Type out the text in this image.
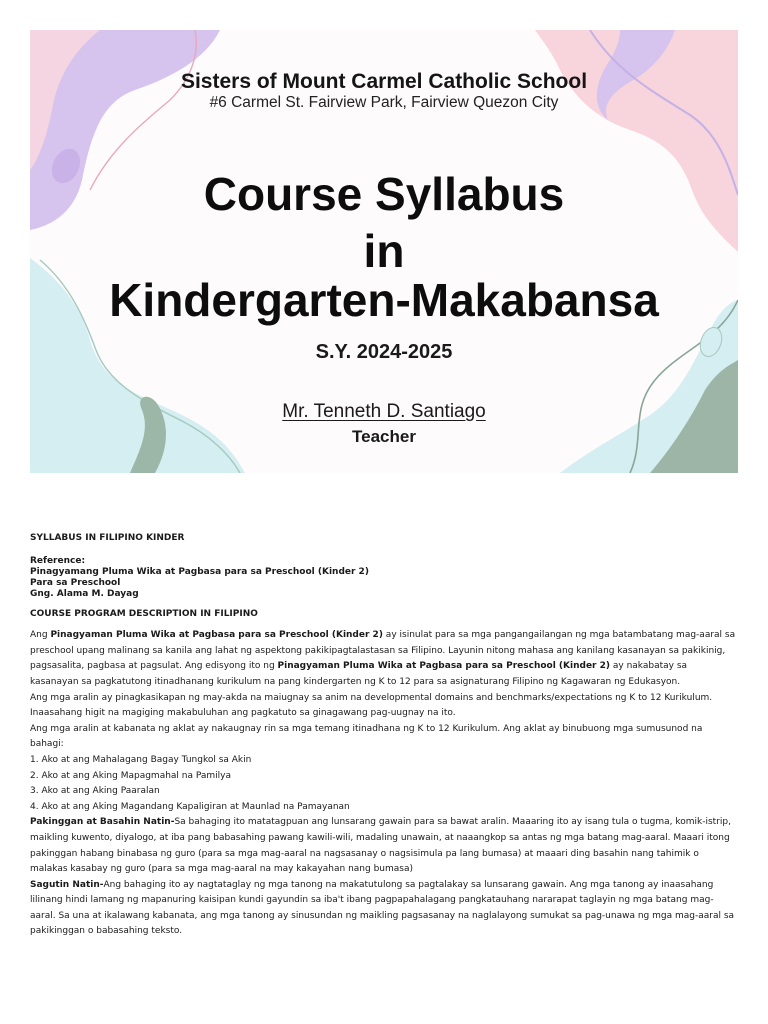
Sisters of Mount Carmel Catholic School
#6 Carmel St. Fairview Park, Fairview Quezon City
Course Syllabus
in
Kindergarten-Makabansa
S.Y. 2024-2025
Mr. Tenneth D. Santiago
Teacher
SYLLABUS IN FILIPINO KINDER
Reference:
Pinagyamang Pluma Wika at Pagbasa para sa Preschool (Kinder 2)
Para sa Preschool
Gng. Alama M. Dayag
COURSE PROGRAM DESCRIPTION IN FILIPINO

Ang Pinagyaman Pluma Wika at Pagbasa para sa Preschool (Kinder 2) ay isinulat para sa mga pangangailangan ng mga batambatang mag-aaral sa preschool upang malinang sa kanila ang lahat ng aspektong pakikipagtalastasan sa Filipino. Layunin nitong mahasa ang kanilang kasanayan sa pakikinig, pagsasalita, pagbasa at pagsulat. Ang edisyong ito ng Pinagyaman Pluma Wika at Pagbasa para sa Preschool (Kinder 2) ay nakabatay sa kasanayan sa pagkatutong itinadhanang kurikulum na pang kindergarten ng K to 12 para sa asignaturang Filipino ng Kagawaran ng Edukasyon.

Ang mga aralin ay pinagkasikapan ng may-akda na maiugnay sa anim na developmental domains and benchmarks/expectations ng K to 12 Kurikulum. Inaasahang higit na magiging makabuluhan ang pagkatuto sa ginagawang pag-uugnay na ito.

Ang mga aralin at kabanata ng aklat ay nakaugnay rin sa mga temang itinadhana ng K to 12 Kurikulum. Ang aklat ay binubuong mga sumusunod na bahagi:

1. Ako at ang Mahalagang Bagay Tungkol sa Akin

2. Ako at ang Aking Mapagmahal na Pamilya

3. Ako at ang Aking Paaralan

4. Ako at ang Aking Magandang Kapaligiran at Maunlad na Pamayanan

Pakinggan at Basahin Natin-Sa bahaging ito matatagpuan ang lunsarang gawain para sa bawat aralin. Maaaring ito ay isang tula o tugma, komik-istrip, maikling kuwento, diyalogo, at iba pang babasahing pawang kawili-wili, madaling unawain, at naaangkop sa antas ng mga batang mag-aaral. Maaari itong pakinggan habang binabasa ng guro (para sa mga mag-aaral na nagsasanay o nagsisimula pa lang bumasa) at maaari ding basahin nang tahimik o malakas kasabay ng guro (para sa mga mag-aaral na may kakayahan nang bumasa)

Sagutin Natin-Ang bahaging ito ay nagtataglay ng mga tanong na makatutulong sa pagtalakay sa lunsarang gawain. Ang mga tanong ay inaasahang lilinang hindi lamang ng mapanuring kaisipan kundi gayundin sa iba't ibang pagpapahalagang pangkatauhang nararapat taglayin ng mga batang mag-aaral. Sa una at ikalawang kabanata, ang mga tanong ay sinusundan ng maikling pagsasanay na naglalayong sumukat sa pag-unawa ng mga mag-aaral sa pakikinggan o babasahing teksto.
